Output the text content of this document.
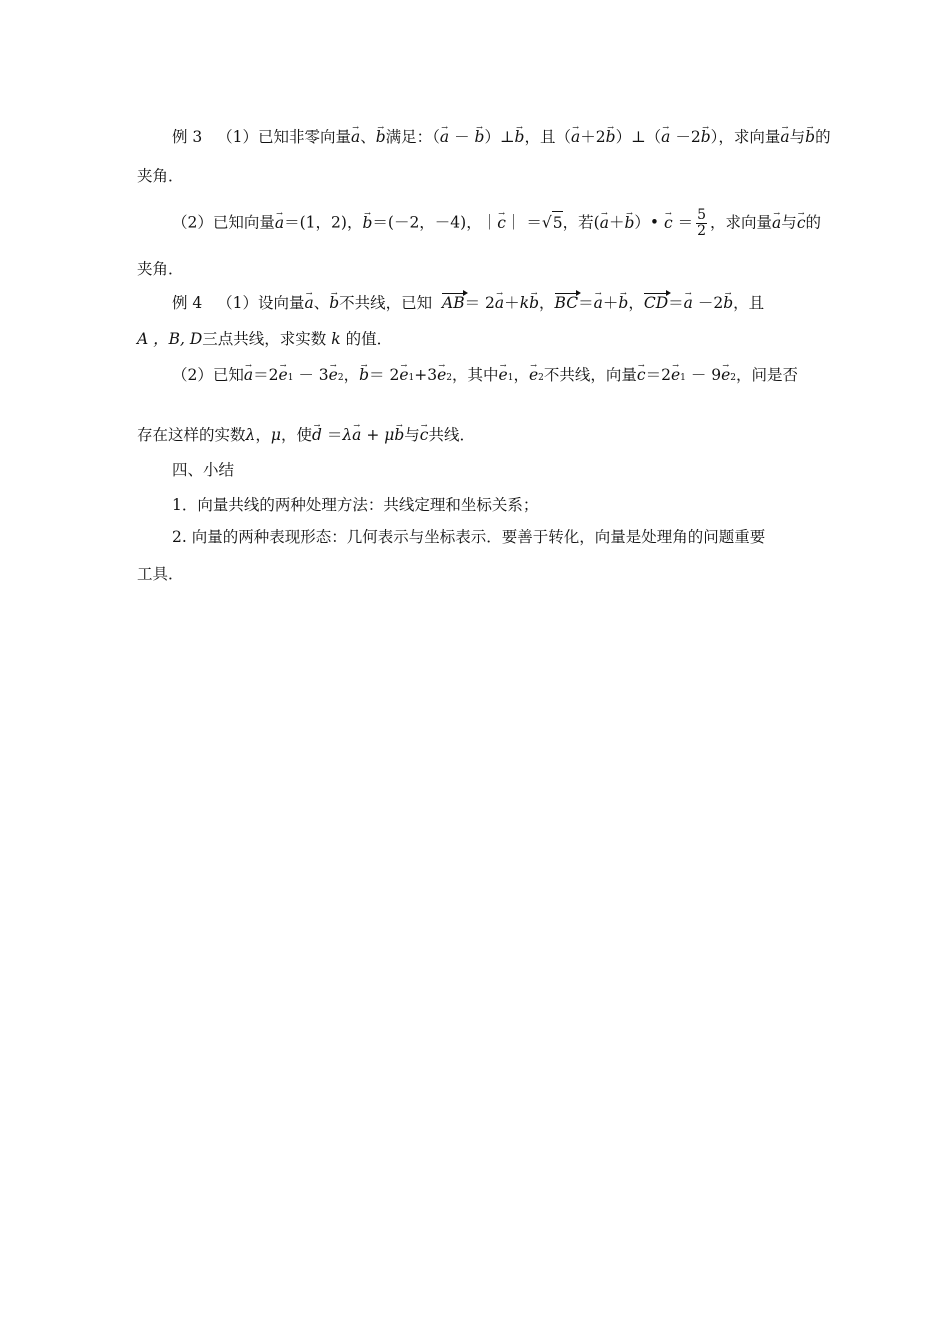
例 3 （1）已知非零向量→ a、→ b满足：（→ a － → b）⊥→ b，且（→ a＋2→ b）⊥（→ a －2→ b），求向量→ a与→ b的
夹角．
（2）已知向量→ a＝(1，2)，→ b＝(－2，－4)，｜→ c｜ ＝√5，若(→ a＋→ b）• → $c = \frac{5}{2}$ ，求向量→ a与→ c的
夹角．
例 4 （1）设向量→ a、→ b不共线，已知 AB＝ 2→ a＋k→ b，BC＝→ a＋→ b，CD＝→ a －2→ b，且
A ，B, D三点共线，求实数 k 的值．
（2）已知→ a＝2→ e1 － 3→ e2，→ b＝ 2→ e1+3→ e2，其中→ e1，→ e2不共线，向量→ c＝2→ e1 － 9→ e2，问是否
存在这样的实数λ，μ，使→ d ＝λ→ a + μ→ b与→ c共线．
四、小结
1．向量共线的两种处理方法：共线定理和坐标关系；
2. 向量的两种表现形态：几何表示与坐标表示．要善于转化，向量是处理角的问题重要
工具．
